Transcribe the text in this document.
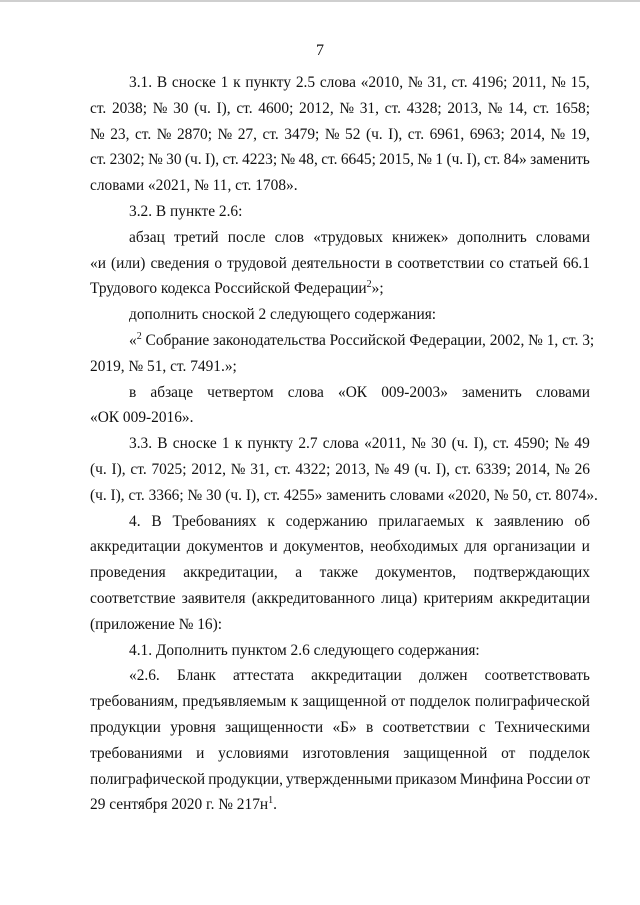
7
3.1. В сноске 1 к пункту 2.5 слова «2010, № 31, ст. 4196; 2011, № 15,
ст. 2038; № 30 (ч. I), ст. 4600; 2012, № 31, ст. 4328; 2013, № 14, ст. 1658;
№ 23, ст. № 2870; № 27, ст. 3479; № 52 (ч. I), ст. 6961, 6963; 2014, № 19,
ст. 2302; № 30 (ч. I), ст. 4223; № 48, ст. 6645; 2015, № 1 (ч. I), ст. 84» заменить
словами «2021, № 11, ст. 1708».

3.2. В пункте 2.6:

абзац третий после слов «трудовых книжек» дополнить словами
«и (или) сведения о трудовой деятельности в соответствии со статьей 66.1
Трудового кодекса Российской Федерации$^2$»;

дополнить сноской 2 следующего содержания:

«$^2$ Собрание законодательства Российской Федерации, 2002, № 1, ст. 3;
2019, № 51, ст. 7491.»;
в абзаце четвертом слова «ОК 009-2003» заменить словами
«ОК 009-2016».
3.3. В сноске 1 к пункту 2.7 слова «2011, № 30 (ч. I), ст. 4590; № 49
(ч. I), ст. 7025; 2012, № 31, ст. 4322; 2013, № 49 (ч. I), ст. 6339; 2014, № 26
(ч. I), ст. 3366; № 30 (ч. I), ст. 4255» заменить словами «2020, № 50, ст. 8074».
4. В Требованиях к содержанию прилагаемых к заявлению об
аккредитации документов и документов, необходимых для организации и
проведения аккредитации, а также документов, подтверждающих
соответствие заявителя (аккредитованного лица) критериям аккредитации
(приложение № 16):

4.1. Дополнить пунктом 2.6 следующего содержания:

«2.6. Бланк аттестата аккредитации должен соответствовать
требованиям, предъявляемым к защищенной от подделок полиграфической
продукции уровня защищенности «Б» в соответствии с Техническими
требованиями и условиями изготовления защищенной от подделок
полиграфической продукции, утвержденными приказом Минфина России от
29 сентября 2020 г. № $217н^1$.
